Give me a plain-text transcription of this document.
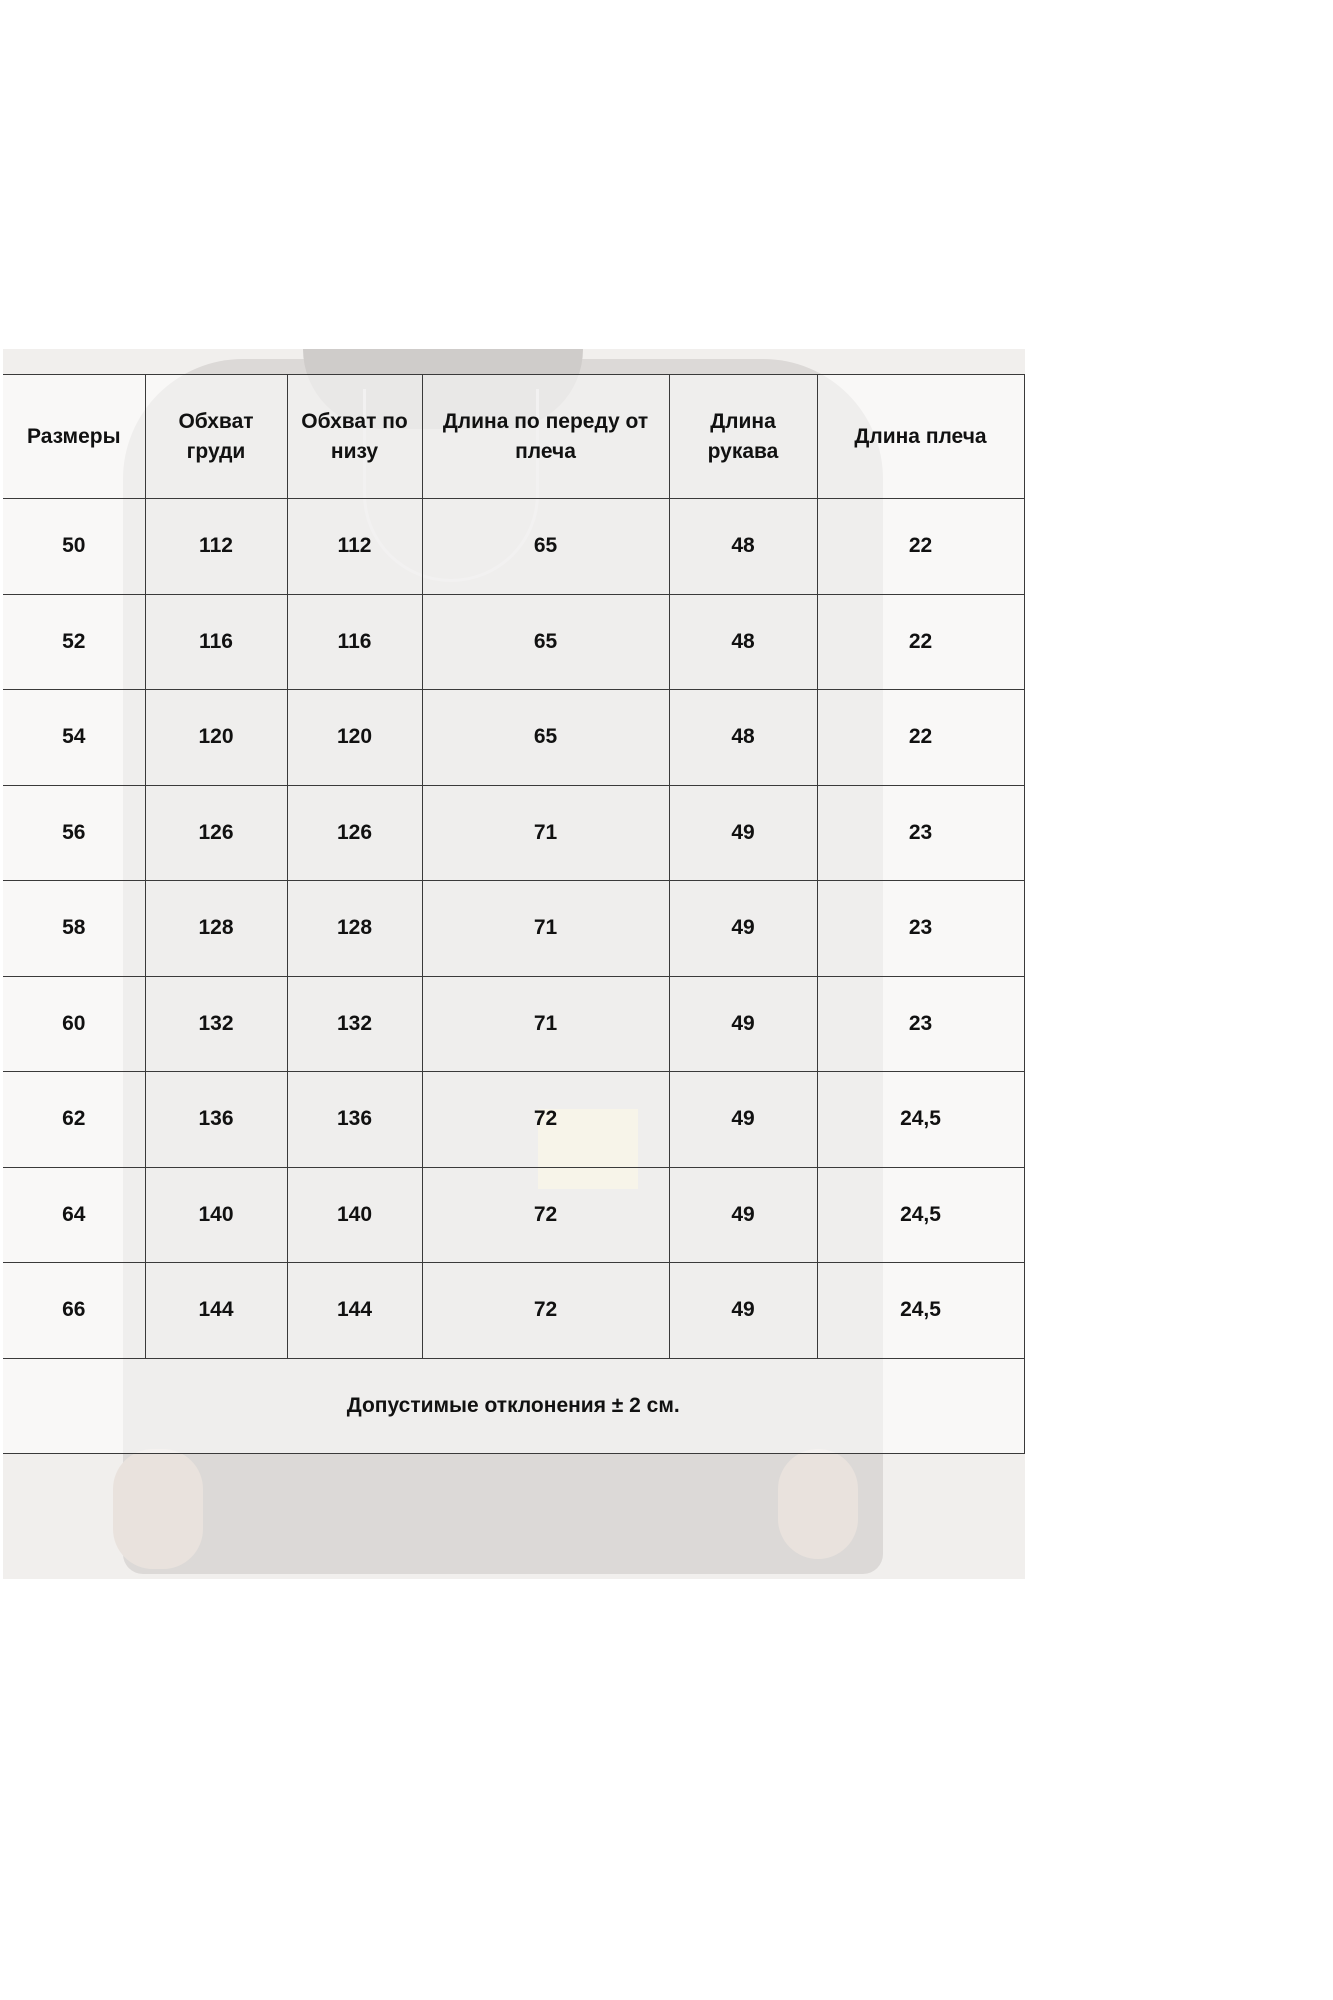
Размеры	Обхват груди	Обхват по низу	Длина по переду от плеча	Длина рукава	Длина плеча
50	112	112	65	48	22
52	116	116	65	48	22
54	120	120	65	48	22
56	126	126	71	49	23
58	128	128	71	49	23
60	132	132	71	49	23
62	136	136	72	49	24,5
64	140	140	72	49	24,5
66	144	144	72	49	24,5
Допустимые отклонения ± 2 см.					
